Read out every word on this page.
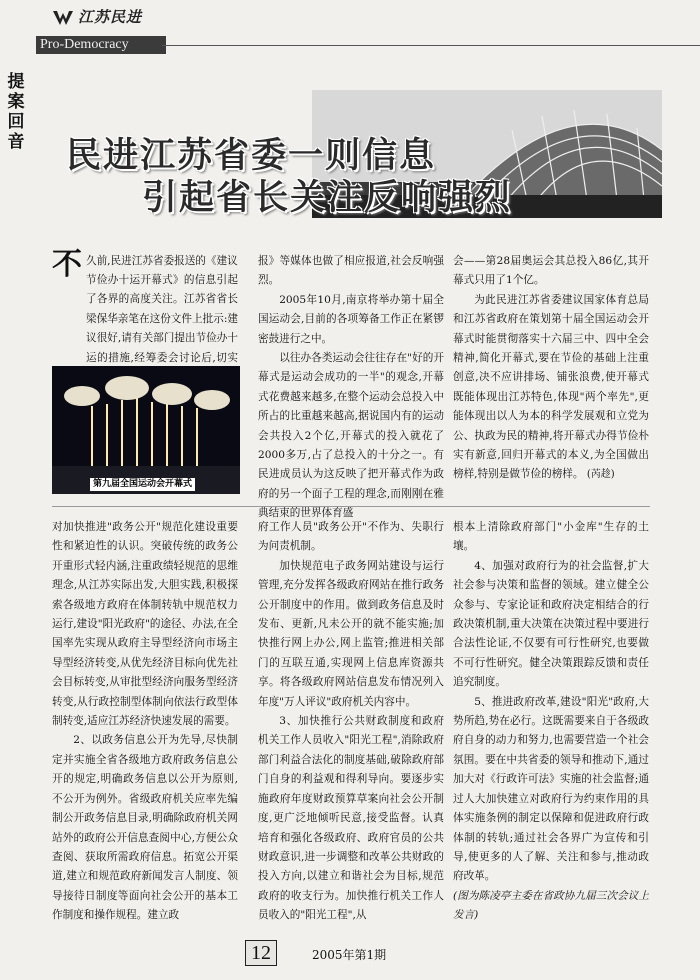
江苏民进
Pro-Democracy
提
案
回
音 民进江苏省委一则信息
引起省长关注反响强烈
不 久前,民进江苏省委报送的《建议

节俭办十运开幕式》的信息引起了各界的高度关注。江苏省省长梁保华亲笔在这份文件上批示:建议很好,请有关部门提出节俭办十运的措施,经筹委会讨论后,切实

第九届全国运动会开幕式

报》等媒体也做了相应报道,社会反响强烈。

2005年10月,南京将举办第十届全国运动会,目前的各项筹备工作正在紧锣密鼓进行之中。

以往办各类运动会往往存在"好的开幕式是运动会成功的一半"的观念,开幕式花费越来越多,在整个运动会总投入中所占的比重越来越高,据说国内有的运动会共投入2个亿,开幕式的投入就花了2000多万,占了总投入的十分之一。有民进成员认为这反映了把开幕式作为政府的另一个面子工程的理念,而刚刚在雅典结束的世界体育盛

会——第28届奥运会其总投入86亿,其开幕式只用了1个亿。

为此民进江苏省委建议国家体育总局和江苏省政府在策划第十届全国运动会开幕式时能贯彻落实十六届三中、四中全会精神,简化开幕式,要在节俭的基础上注重创意,决不应讲排场、铺张浪费,使开幕式既能体现出江苏特色,体现"两个率先",更能体现出以人为本的科学发展观和立党为公、执政为民的精神,将开幕式办得节俭朴实有新意,回归开幕式的本义,为全国做出榜样,特别是做节俭的榜样。 (芮趁)

对加快推进"政务公开"规范化建设重要性和紧迫性的认识。突破传统的政务公开重形式轻内涵,注重政绩轻规范的思维理念,从江苏实际出发,大胆实践,积极探索各级地方政府在体制转轨中规范权力运行,建设"阳光政府"的途径、办法,在全国率先实现从政府主导型经济向市场主导型经济转变,从优先经济目标向优先社会目标转变,从审批型经济向服务型经济转变,从行政控制型体制向依法行政型体制转变,适应江苏经济快速发展的需要。

2、以政务信息公开为先导,尽快制定并实施全省各级地方政府政务信息公开的规定,明确政务信息以公开为原则,不公开为例外。省级政府机关应率先编制公开政务信息目录,明确除政府机关网站外的政府公开信息查阅中心,方便公众查阅、获取所需政府信息。拓宽公开渠道,建立和规范政府新闻发言人制度、领导接待日制度等面向社会公开的基本工作制度和操作规程。建立政

府工作人员"政务公开"不作为、失职行为问责机制。

加快规范电子政务网站建设与运行管理,充分发挥各级政府网站在推行政务公开制度中的作用。做到政务信息及时发布、更新,凡未公开的就不能实施;加快推行网上办公,网上监管;推进相关部门的互联互通,实现网上信息库资源共享。将各级政府网站信息发布情况列入年度"万人评议"政府机关内容中。

3、加快推行公共财政制度和政府机关工作人员收入"阳光工程",消除政府部门利益合法化的制度基础,破除政府部门自身的利益观和得利导向。要逐步实施政府年度财政预算草案向社会公开制度,更广泛地倾听民意,接受监督。认真培育和强化各级政府、政府官员的公共财政意识,进一步调整和改革公共财政的投入方向,以建立和谐社会为目标,规范政府的收支行为。加快推行机关工作人员收入的"阳光工程",从

根本上清除政府部门"小金库"生存的土壤。

4、加强对政府行为的社会监督,扩大社会参与决策和监督的领域。建立健全公众参与、专家论证和政府决定相结合的行政决策机制,重大决策在决策过程中要进行合法性论证,不仅要有可行性研究,也要做不可行性研究。健全决策跟踪反馈和责任追究制度。

5、推进政府改革,建设"阳光"政府,大势所趋,势在必行。这既需要来自于各级政府自身的动力和努力,也需要营造一个社会氛围。要在中共省委的领导和推动下,通过加大对《行政许可法》实施的社会监督;通过人大加快建立对政府行为约束作用的具体实施条例的制定以保障和促进政府行政体制的转轨;通过社会各界广为宣传和引导,使更多的人了解、关注和参与,推动政府改革。

(图为陈凌亭主委在省政协九届三次会议上发言)

12	2005年第1期
